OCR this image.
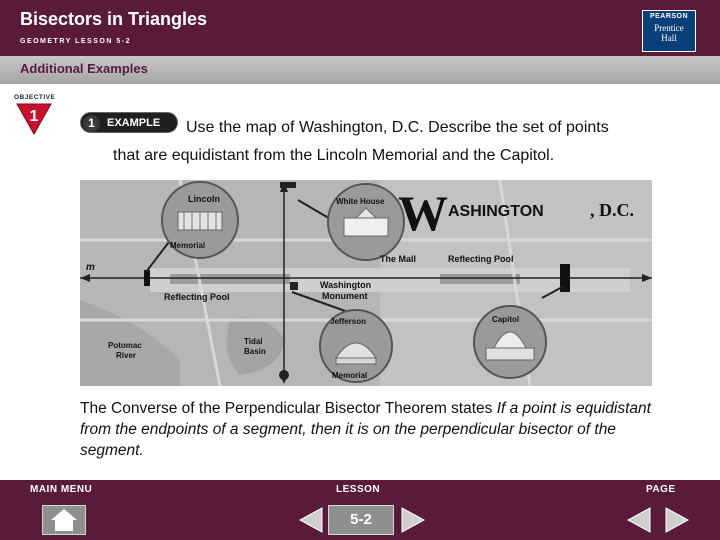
Bisectors in Triangles
GEOMETRY LESSON 5-2
PEARSON
Prentice
Hall
Additional Examples
OBJECTIVE
1	1	EXAMPLE Use the map of Washington, D.C. Describe the set of points
that are equidistant from the Lincoln Memorial and the Capitol.
Lincoln
Memorial
White House W ASHINGTON	, D.C.
The Mall	Reflecting Pool
Reflecting Pool
Washington
Monument
m
Jefferson
Memorial
Capitol
Potomac
River
Tidal
Basin
The Converse of the Perpendicular Bisector Theorem states If a point is equidistant from the endpoints of a segment, then it is on the perpendicular bisector of the segment.
MAIN MENU	LESSON	PAGE
5-2
